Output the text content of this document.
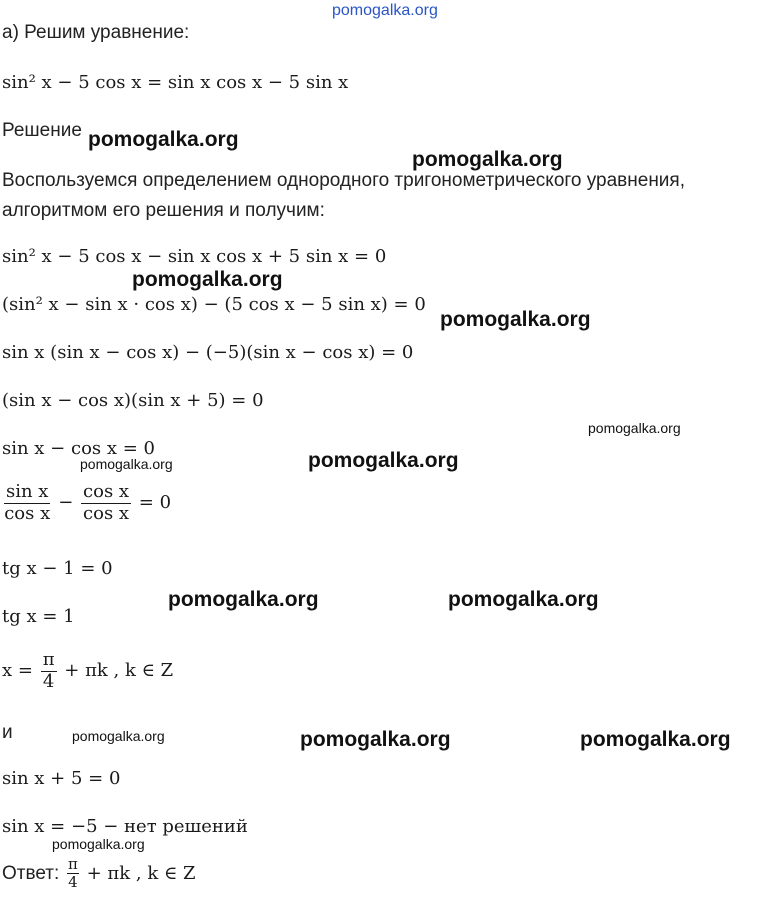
pomogalka.org
pomogalka.org
pomogalka.org
pomogalka.org
pomogalka.org
pomogalka.org
pomogalka.org
pomogalka.org
pomogalka.org	pomogalka.org
pomogalka.org	pomogalka.org	pomogalka.org
pomogalka.org
а) Решим уравнение:
sin² x − 5 cos x = sin x cos x − 5 sin x
Решение
Воспользуемся определением однородного тригонометрического уравнения,
алгоритмом его решения и получим:
sin² x − 5 cos x − sin x cos x + 5 sin x = 0
(sin² x − sin x · cos x) − (5 cos x − 5 sin x) = 0
sin x (sin x − cos x) − (−5)(sin x − cos x) = 0
(sin x − cos x)(sin x + 5) = 0
sin x − cos x = 0
$\frac{\text{sin x}}{\text{cos x}} - \frac{\text{cos x}}{\text{cos x}} = 0$
tg x − 1 = 0
tg x = 1
$x = \frac{\pi}{4} + \pi k$ , k ∈ Z
и
sin x + 5 = 0
sin x = −5 − нет решений
Ответ: $\frac{\pi}{4} + \pi k$ , k ∈ Z
